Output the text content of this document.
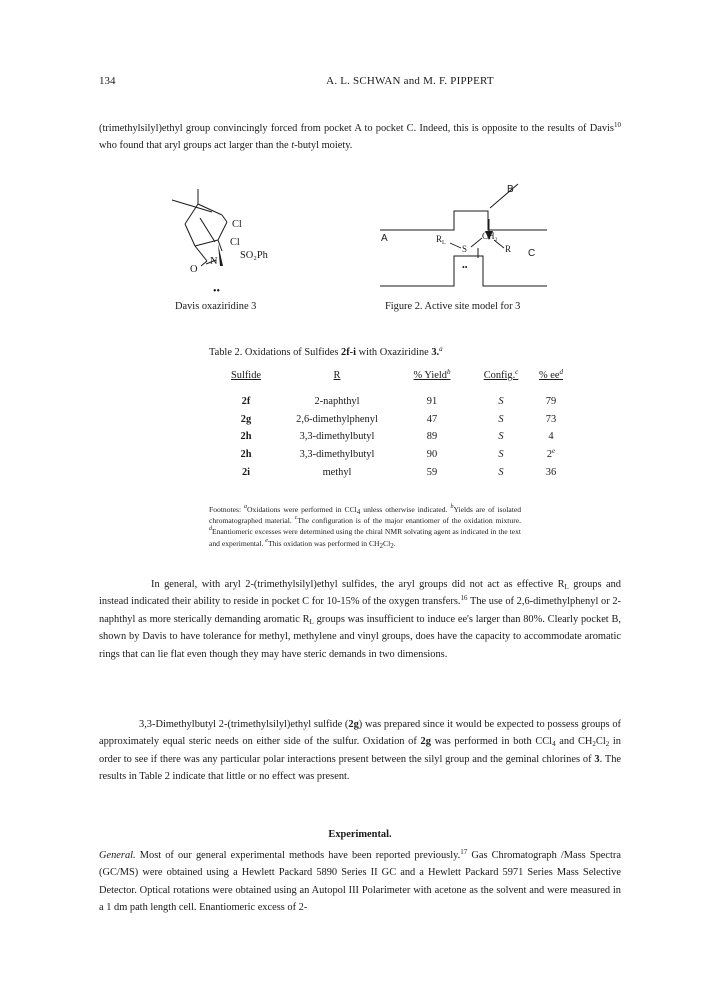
134	A. L. SCHWAN and M. F. PIPPERT

(trimethylsilyl)ethyl group convincingly forced from pocket A to pocket C. Indeed, this is opposite to the results of Davis$^{10}$ who found that aryl groups act larger than the t-butyl moiety.

Cl
Cl
SO₂Ph
N
O
••
Davis oxaziridine 3
B
A
C
$R_L$
CH₂
S	R
••
Figure 2. Active site model for 3
Table 2. Oxidations of Sulfides 2f-i with Oxaziridine 3.$^a$
Sulfide	R	% Yield$^b$	Config.$^c$	% $ee^d$
2f	2-naphthyl	91	S	79
2g	2,6-dimethylphenyl	47	S	73
2h	3,3-dimethylbutyl	89	S	4
2h	3,3-dimethylbutyl	90	S	2e
2i	methyl	59	S	36

Footnotes: $^a$Oxidations were performed in CCl$_4$ unless otherwise indicated. $^b$Yields are of isolated chromatographed material. $^c$The configuration is of the major enantiomer of the oxidation mixture. $^d$Enantiomeric excesses were determined using the chiral NMR solvating agent as indicated in the text and experimental. $^e$This oxidation was performed in $CH_2Cl_2$.

In general, with aryl 2-(trimethylsilyl)ethyl sulfides, the aryl groups did not act as effective $R_L$ groups and instead indicated their ability to reside in pocket C for 10-15% of the oxygen transfers.$^{16}$ The use of 2,6-dimethylphenyl or 2-naphthyl as more sterically demanding aromatic $R_L$ groups was insufficient to induce ee's larger than 80%. Clearly pocket B, shown by Davis to have tolerance for methyl, methylene and vinyl groups, does have the capacity to accommodate aromatic rings that can lie flat even though they may have steric demands in two dimensions.

3,3-Dimethylbutyl 2-(trimethylsilyl)ethyl sulfide (2g) was prepared since it would be expected to possess groups of approximately equal steric needs on either side of the sulfur. Oxidation of 2g was performed in both CCl$_4$ and $CH_2Cl_2$ in order to see if there was any particular polar interactions present between the silyl group and the geminal chlorines of 3. The results in Table 2 indicate that little or no effect was present.

Experimental.

General. Most of our general experimental methods have been reported previously.$^{17}$ Gas Chromatograph /Mass Spectra (GC/MS) were obtained using a Hewlett Packard 5890 Series II GC and a Hewlett Packard 5971 Series Mass Selective Detector. Optical rotations were obtained using an Autopol III Polarimeter with acetone as the solvent and were measured in a 1 dm path length cell. Enantiomeric excess of 2-
